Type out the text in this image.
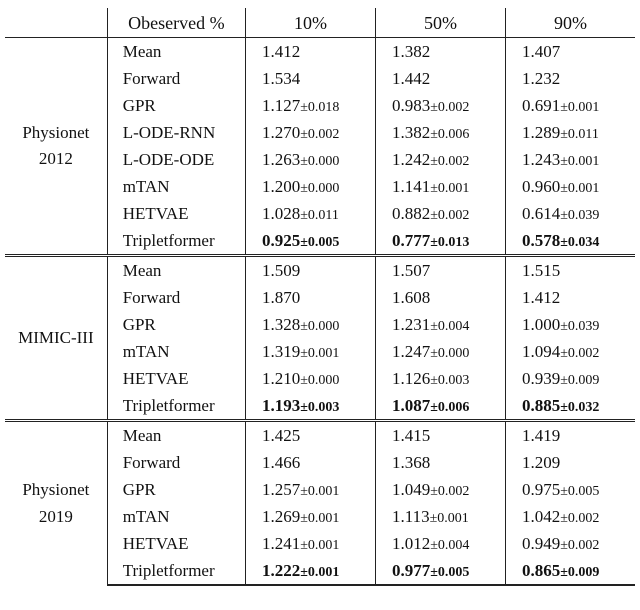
	Obeserved %	10%	50%	90%

Physionet
2012	Mean	1.412	1.382	1.407
	Forward	1.534	1.442	1.232
	GPR	1.127±0.018	0.983±0.002	0.691±0.001
	L-ODE-RNN	1.270±0.002	1.382±0.006	1.289±0.011
	L-ODE-ODE	1.263±0.000	1.242±0.002	1.243±0.001
	mTAN	1.200±0.000	1.141±0.001	0.960±0.001
	HETVAE	1.028±0.011	0.882±0.002	0.614±0.039
	Tripletformer	0.925±0.005	0.777±0.013	0.578±0.034

MIMIC-III	Mean	1.509	1.507	1.515
	Forward	1.870	1.608	1.412
	GPR	1.328±0.000	1.231±0.004	1.000±0.039
	mTAN	1.319±0.001	1.247±0.000	1.094±0.002
	HETVAE	1.210±0.000	1.126±0.003	0.939±0.009
	Tripletformer	1.193±0.003	1.087±0.006	0.885±0.032

Physionet
2019	Mean	1.425	1.415	1.419
	Forward	1.466	1.368	1.209
	GPR	1.257±0.001	1.049±0.002	0.975±0.005
	mTAN	1.269±0.001	1.113±0.001	1.042±0.002
	HETVAE	1.241±0.001	1.012±0.004	0.949±0.002
	Tripletformer	1.222±0.001	0.977±0.005	0.865±0.009
